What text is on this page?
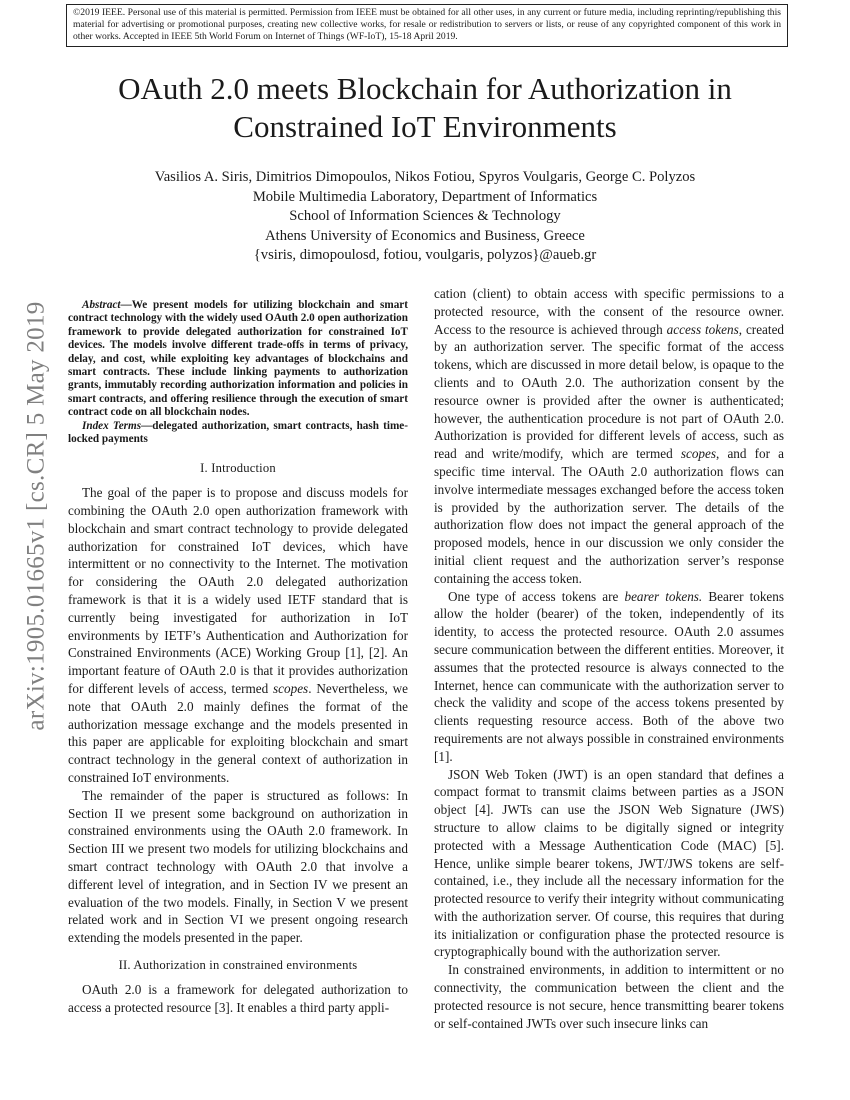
©2019 IEEE. Personal use of this material is permitted. Permission from IEEE must be obtained for all other uses, in any current or future media, including reprinting/republishing this material for advertising or promotional purposes, creating new collective works, for resale or redistribution to servers or lists, or reuse of any copyrighted component of this work in other works. Accepted in IEEE 5th World Forum on Internet of Things (WF-IoT), 15-18 April 2019.
OAuth 2.0 meets Blockchain for Authorization in Constrained IoT Environments
Vasilios A. Siris, Dimitrios Dimopoulos, Nikos Fotiou, Spyros Voulgaris, George C. Polyzos
Mobile Multimedia Laboratory, Department of Informatics
School of Information Sciences & Technology
Athens University of Economics and Business, Greece
{vsiris, dimopoulosd, fotiou, voulgaris, polyzos}@aueb.gr
arXiv:1905.01665v1 [cs.CR] 5 May 2019	Abstract—We present models for utilizing blockchain and smart contract technology with the widely used OAuth 2.0 open authorization framework to provide delegated authorization for constrained IoT devices. The models involve different trade-offs in terms of privacy, delay, and cost, while exploiting key advantages of blockchains and smart contracts. These include linking payments to authorization grants, immutably recording authorization information and policies in smart contracts, and offering resilience through the execution of smart contract code on all blockchain nodes.
Index Terms—delegated authorization, smart contracts, hash time-locked payments
I. Introduction

The goal of the paper is to propose and discuss models for combining the OAuth 2.0 open authorization framework with blockchain and smart contract technology to provide delegated authorization for constrained IoT devices, which have intermittent or no connectivity to the Internet. The motivation for considering the OAuth 2.0 delegated authorization framework is that it is a widely used IETF standard that is currently being investigated for authorization in IoT environments by IETF’s Authentication and Authorization for Constrained Environments (ACE) Working Group [1], [2]. An important feature of OAuth 2.0 is that it provides authorization for different levels of access, termed scopes. Nevertheless, we note that OAuth 2.0 mainly defines the format of the authorization message exchange and the models presented in this paper are applicable for exploiting blockchain and smart contract technology in the general context of authorization in constrained IoT environments.

The remainder of the paper is structured as follows: In Section II we present some background on authorization in constrained environments using the OAuth 2.0 framework. In Section III we present two models for utilizing blockchains and smart contract technology with OAuth 2.0 that involve a different level of integration, and in Section IV we present an evaluation of the two models. Finally, in Section V we present related work and in Section VI we present ongoing research extending the models presented in the paper.

II. Authorization in constrained environments

OAuth 2.0 is a framework for delegated authorization to access a protected resource [3]. It enables a third party appli-

cation (client) to obtain access with specific permissions to a protected resource, with the consent of the resource owner. Access to the resource is achieved through access tokens, created by an authorization server. The specific format of the access tokens, which are discussed in more detail below, is opaque to the clients and to OAuth 2.0. The authorization consent by the resource owner is provided after the owner is authenticated; however, the authentication procedure is not part of OAuth 2.0. Authorization is provided for different levels of access, such as read and write/modify, which are termed scopes, and for a specific time interval. The OAuth 2.0 authorization flows can involve intermediate messages exchanged before the access token is provided by the authorization server. The details of the authorization flow does not impact the general approach of the proposed models, hence in our discussion we only consider the initial client request and the authorization server’s response containing the access token.

One type of access tokens are bearer tokens. Bearer tokens allow the holder (bearer) of the token, independently of its identity, to access the protected resource. OAuth 2.0 assumes secure communication between the different entities. Moreover, it assumes that the protected resource is always connected to the Internet, hence can communicate with the authorization server to check the validity and scope of the access tokens presented by clients requesting resource access. Both of the above two requirements are not always possible in constrained environments [1].

JSON Web Token (JWT) is an open standard that defines a compact format to transmit claims between parties as a JSON object [4]. JWTs can use the JSON Web Signature (JWS) structure to allow claims to be digitally signed or integrity protected with a Message Authentication Code (MAC) [5]. Hence, unlike simple bearer tokens, JWT/JWS tokens are self-contained, i.e., they include all the necessary information for the protected resource to verify their integrity without communicating with the authorization server. Of course, this requires that during its initialization or configuration phase the protected resource is cryptographically bound with the authorization server.

In constrained environments, in addition to intermittent or no connectivity, the communication between the client and the protected resource is not secure, hence transmitting bearer tokens or self-contained JWTs over such insecure links can
